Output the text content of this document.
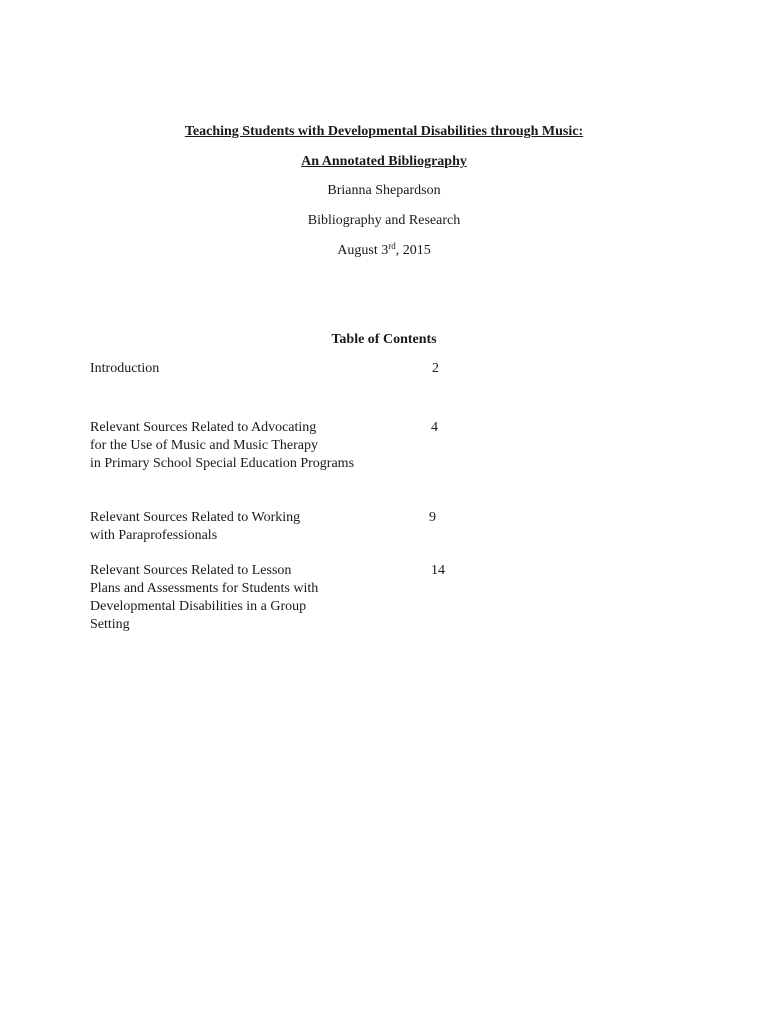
Teaching Students with Developmental Disabilities through Music:
An Annotated Bibliography
Brianna Shepardson
Bibliography and Research
August 3rd, 2015
Table of Contents
Introduction	2
Relevant Sources Related to Advocating
for the Use of Music and Music Therapy
in Primary School Special Education Programs
4
Relevant Sources Related to Working
with Paraprofessionals
9
Relevant Sources Related to Lesson
Plans and Assessments for Students with
Developmental Disabilities in a Group
Setting
14
